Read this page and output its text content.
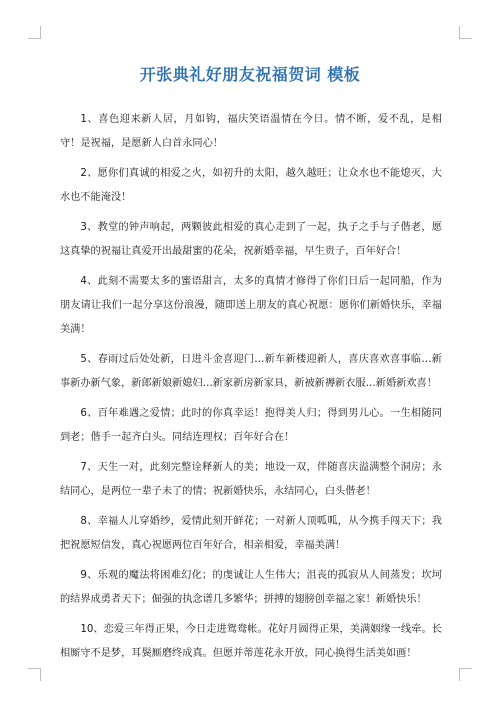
开张典礼好朋友祝福贺词 模板

1、喜色迎来新人居，月如钩，福庆笑语温情在今日。情不断，爱不乱，是相守！是祝福，是愿新人白首永同心！

2、愿你们真诚的相爱之火，如初升的太阳，越久越旺；让众水也不能熄灭，大水也不能淹没！

3、教堂的钟声响起，两颗彼此相爱的真心走到了一起，执子之手与子偕老，愿这真挚的祝福让真爱开出最甜蜜的花朵，祝新婚幸福，早生贵子，百年好合！

4、此刻不需要太多的蜜语甜言，太多的真情才修得了你们日后一起同船，作为朋友请让我们一起分享这份浪漫，随即送上朋友的真心祝愿：愿你们新婚快乐，幸福美满！

5、春雨过后处处新，日进斗金喜迎门…新车新楼迎新人，喜庆喜欢喜事临…新事新办新气象，新郎新娘新媳妇…新家新房新家具，新被新褥新衣服…新婚新欢喜！

6、百年难遇之爱情；此时的你真幸运！抱得美人归；得到男儿心。一生相随同到老；偕手一起齐白头。同结连理权；百年好合在！

7、天生一对，此刻完整诠释新人的美；地设一双，伴随喜庆溢满整个洞房；永结同心，是两位一辈子未了的情；祝新婚快乐，永结同心，白头偕老！

8、幸福人儿穿婚纱，爱情此刻开鲜花；一对新人顶呱呱，从今携手闯天下；我把祝愿短信发，真心祝愿两位百年好合，相亲相爱，幸福美满！

9、乐观的魔法将困难幻化；的虔诚让人生伟大；沮丧的孤寂从人间蒸发；坎坷的结界成勇者天下；倔强的执念谱几多繁华；拼搏的翅膀创幸福之家！新婚快乐！

10、恋爱三年得正果，今日走进鸳鸯帐。花好月圆得正果，美满姻缘一线牵。长相厮守不是梦，耳鬓厮磨终成真。但愿并蒂莲花永开放，同心换得生活美如画！
